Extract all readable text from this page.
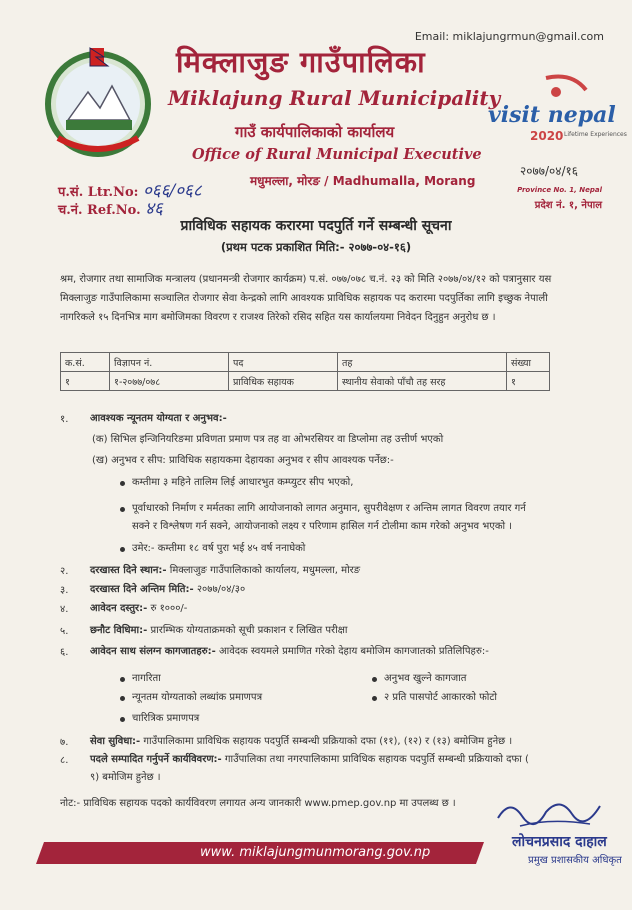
Email: miklajungrmun@gmail.com
मिक्लाजुङ गाउँपालिका
Miklajung Rural Municipality
गाउँ कार्यपालिकाको कार्यालय
Office of Rural Municipal Executive
मधुमल्ला, मोरङ / Madhumalla, Morang
visit nepal
2020 Lifetime Experiences
२०७७/०४/१६
Province No. 1, Nepal
प्रदेश नं. १, नेपाल
प.सं. Ltr.No: ०६६/०६८
च.नं. Ref.No. ४६
प्राविधिक सहायक करारमा पदपुर्ति गर्ने सम्बन्धी सूचना
(प्रथम पटक प्रकाशित मिति:- २०७७-०४-१६)
श्रम, रोजगार तथा सामाजिक मन्त्रालय (प्रधानमन्त्री रोजगार कार्यक्रम) प.सं. ०७७/०७८ च.नं. २३ को मिति २०७७/०४/१२ को पत्रानुसार यस मिक्लाजुङ गाउँपालिकामा सञ्चालित रोजगार सेवा केन्द्रको लागि आवश्यक प्राविधिक सहायक पद करारमा पदपुर्तिका लागि इच्छुक नेपाली नागरिकले १५ दिनभित्र माग बमोजिमका विवरण र राजश्व तिरेको रसिद सहित यस कार्यालयमा निवेदन दिनुहुन अनुरोध छ ।
क.सं.	विज्ञापन नं.	पद	तह	संख्या
१	१-२०७७/०७८	प्राविधिक सहायक	स्थानीय सेवाको पाँचौ तह सरह	१
१. आवश्यक न्यूनतम योग्यता र अनुभव:-
(क) सिभिल इन्जिनियरिङमा प्रविणता प्रमाण पत्र तह वा ओभरसियर वा डिप्लोमा तह उत्तीर्ण भएको
(ख) अनुभव र सीप: प्राविधिक सहायकमा देहायका अनुभव र सीप आवश्यक पर्नेछ:-
कम्तीमा ३ महिने तालिम लिई आधारभुत कम्प्युटर सीप भएको,
पूर्वाधारको निर्माण र मर्मतका लागि आयोजनाको लागत अनुमान, सुपरीवेक्षण र अन्तिम लागत विवरण तयार गर्न
सक्ने र विश्लेषण गर्न सक्ने, आयोजनाको लक्ष्य र परिणाम हासिल गर्न टोलीमा काम गरेको अनुभव भएको ।
उमेर:- कम्तीमा १८ वर्ष पुरा भई ४५ वर्ष ननाघेको
२. दरखास्त दिने स्थान:- मिक्लाजुङ गाउँपालिकाको कार्यालय, मधुमल्ला, मोरङ
३. दरखास्त दिने अन्तिम मिति:- २०७७/०४/३०
४. आवेदन दस्तुर:- रु १०००/-
५. छनौट विधिमा:- प्रारम्भिक योग्यताक्रमको सूची प्रकाशन र लिखित परीक्षा
६. आवेदन साथ संलग्न कागजातहरु:- आवेदक स्वयमले प्रमाणित गरेको देहाय बमोजिम कागजातको प्रतिलिपिहरु:-
नागरिता	अनुभव खुल्ने कागजात
न्यूनतम योग्यताको लब्धांक प्रमाणपत्र	२ प्रति पासपोर्ट आकारको फोटो
चारित्रिक प्रमाणपत्र
७. सेवा सुविधा:- गाउँपालिकामा प्राविधिक सहायक पदपुर्ति सम्बन्धी प्रक्रियाको दफा (११), (१२) र (१३) बमोजिम हुनेछ ।
८. पदले सम्पादित गर्नुपर्ने कार्यविवरण:- गाउँपालिका तथा नगरपालिकामा प्राविधिक सहायक पदपुर्ति सम्बन्धी प्रक्रियाको दफा (
९) बमोजिम हुनेछ ।
नोट:- प्राविधिक सहायक पदको कार्यविवरण लगायत अन्य जानकारी www.pmep.gov.np मा उपलब्ध छ ।
www. miklajungmunmorang.gov.np
लोचनप्रसाद दाहाल
प्रमुख प्रशासकीय अधिकृत
